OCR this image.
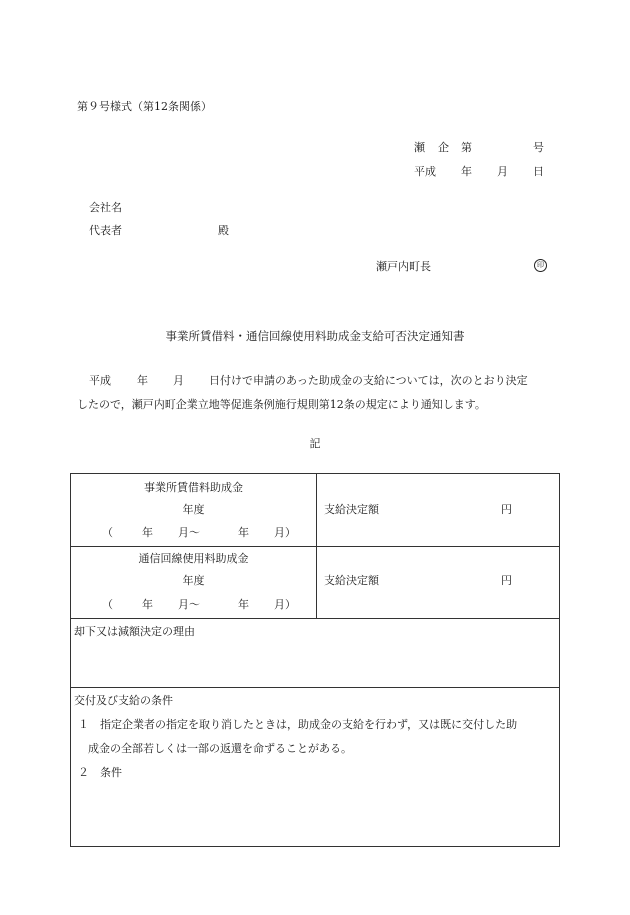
第９号様式（第12条関係）
瀬 企 第	号
平成 年 月 日
会社名
代表者	殿
瀬戸内町長	印
事業所賃借料・通信回線使用料助成金支給可否決定通知書
平成 年 月 日付けで申請のあった助成金の支給については，次のとおり決定
したので，瀬戸内町企業立地等促進条例施行規則第12条の規定により通知します。
記
事業所賃借料助成金
年度
（	年 月～	年 月）
支給決定額	円
通信回線使用料助成金
年度
（	年 月～	年 月）
支給決定額	円
却下又は減額決定の理由
交付及び支給の条件
１　指定企業者の指定を取り消したときは，助成金の支給を行わず，又は既に交付した助
成金の全部若しくは一部の返還を命ずることがある。
２　条件
